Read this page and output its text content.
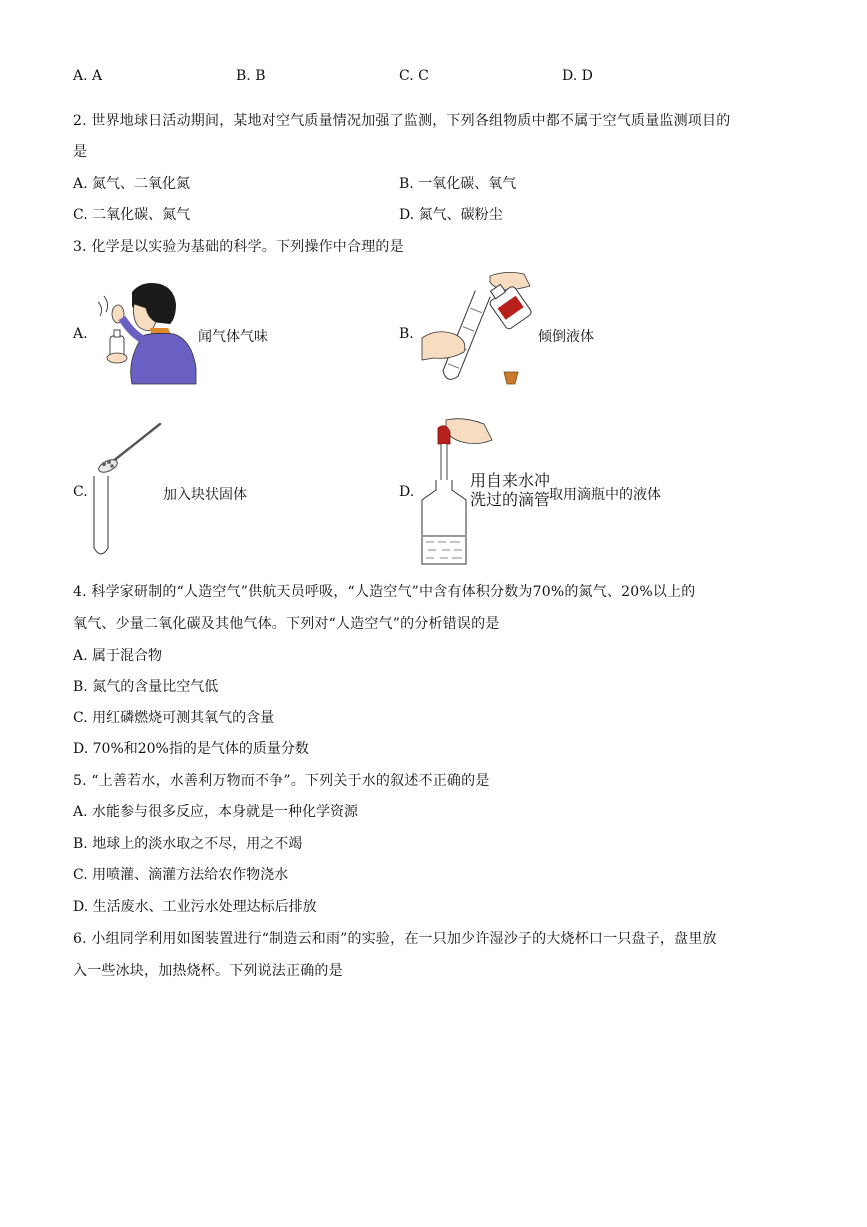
A. A	B. B	C. C	D. D
2. 世界地球日活动期间，某地对空气质量情况加强了监测，下列各组物质中都不属于空气质量监测项目的
是
A. 氮气、二氧化氮	B. 一氧化碳、氧气
C. 二氧化碳、氮气	D. 氮气、碳粉尘
3. 化学是以实验为基础的科学。下列操作中合理的是
A.	闻气体气味	B.	倾倒液体
C.	加入块状固体	D.
用自来水冲
洗过的滴管
取用滴瓶中的液体
4. 科学家研制的“人造空气”供航天员呼吸，“人造空气”中含有体积分数为70%的氮气、20%以上的
氧气、少量二氧化碳及其他气体。下列对“人造空气”的分析错误的是
A. 属于混合物
B. 氮气的含量比空气低
C. 用红磷燃烧可测其氧气的含量
D. 70%和20%指的是气体的质量分数
5. “上善若水，水善利万物而不争”。下列关于水的叙述不正确的是
A. 水能参与很多反应，本身就是一种化学资源
B. 地球上的淡水取之不尽，用之不竭
C. 用喷灌、滴灌方法给农作物浇水
D. 生活废水、工业污水处理达标后排放
6. 小组同学利用如图装置进行“制造云和雨”的实验，在一只加少许湿沙子的大烧杯口一只盘子，盘里放
入一些冰块，加热烧杯。下列说法正确的是
